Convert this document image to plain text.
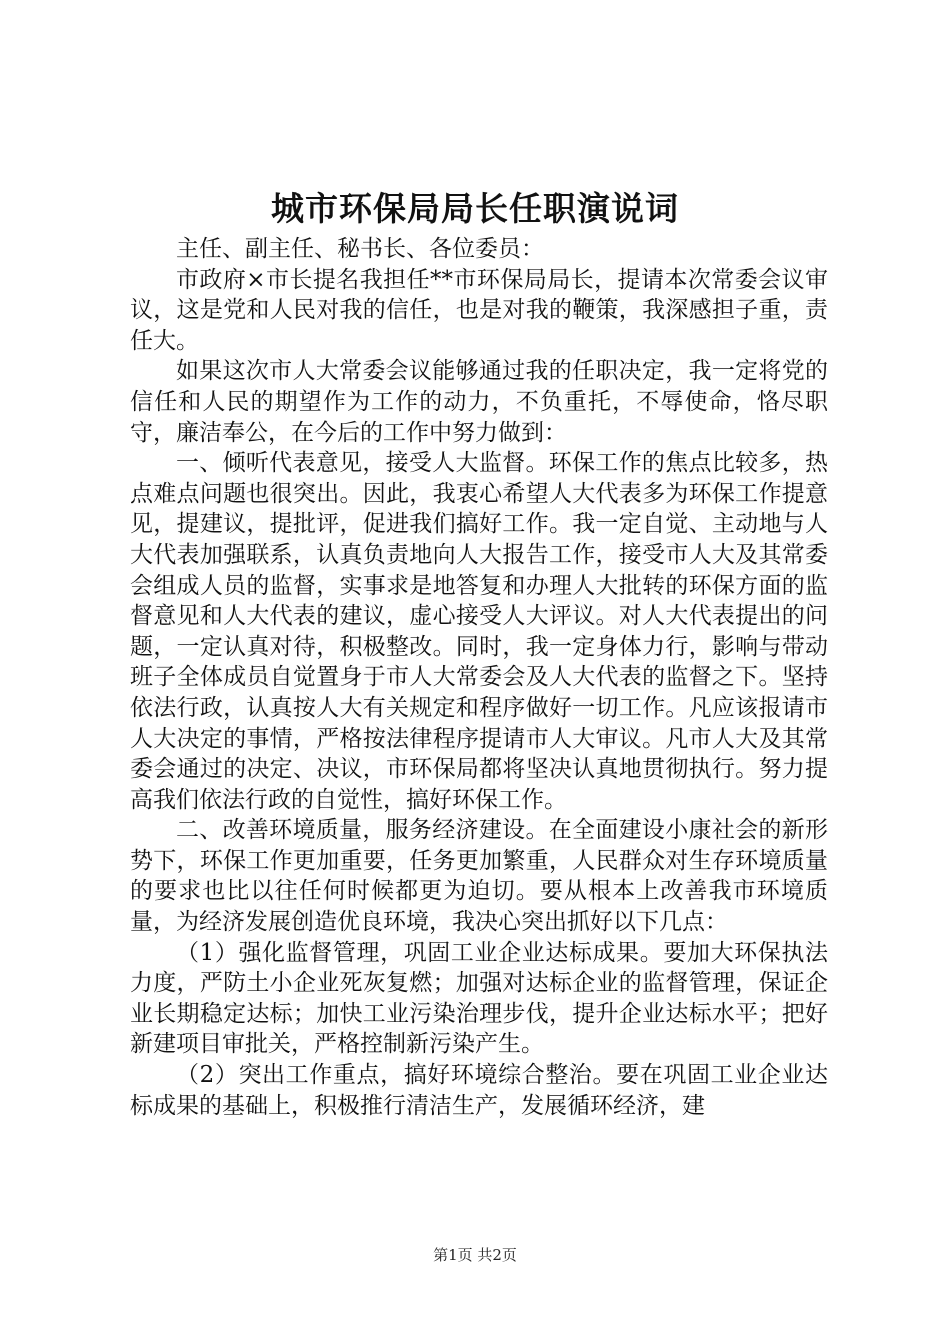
城市环保局局长任职演说词

主任、副主任、秘书长、各位委员：

市政府×市长提名我担任**市环保局局长，提请本次常委会议审议，这是党和人民对我的信任，也是对我的鞭策，我深感担子重，责任大。

如果这次市人大常委会议能够通过我的任职决定，我一定将党的信任和人民的期望作为工作的动力，不负重托，不辱使命，恪尽职守，廉洁奉公，在今后的工作中努力做到：

一、倾听代表意见，接受人大监督。环保工作的焦点比较多，热点难点问题也很突出。因此，我衷心希望人大代表多为环保工作提意见，提建议，提批评，促进我们搞好工作。我一定自觉、主动地与人大代表加强联系，认真负责地向人大报告工作，接受市人大及其常委会组成人员的监督，实事求是地答复和办理人大批转的环保方面的监督意见和人大代表的建议，虚心接受人大评议。对人大代表提出的问题，一定认真对待，积极整改。同时，我一定身体力行，影响与带动班子全体成员自觉置身于市人大常委会及人大代表的监督之下。坚持依法行政，认真按人大有关规定和程序做好一切工作。凡应该报请市人大决定的事情，严格按法律程序提请市人大审议。凡市人大及其常委会通过的决定、决议，市环保局都将坚决认真地贯彻执行。努力提高我们依法行政的自觉性，搞好环保工作。

二、改善环境质量，服务经济建设。在全面建设小康社会的新形势下，环保工作更加重要，任务更加繁重，人民群众对生存环境质量的要求也比以往任何时候都更为迫切。要从根本上改善我市环境质量，为经济发展创造优良环境，我决心突出抓好以下几点：

（1）强化监督管理，巩固工业企业达标成果。要加大环保执法力度，严防土小企业死灰复燃；加强对达标企业的监督管理，保证企业长期稳定达标；加快工业污染治理步伐，提升企业达标水平；把好新建项目审批关，严格控制新污染产生。

（2）突出工作重点，搞好环境综合整治。要在巩固工业企业达标成果的基础上，积极推行清洁生产，发展循环经济，建

第1页 共2页
